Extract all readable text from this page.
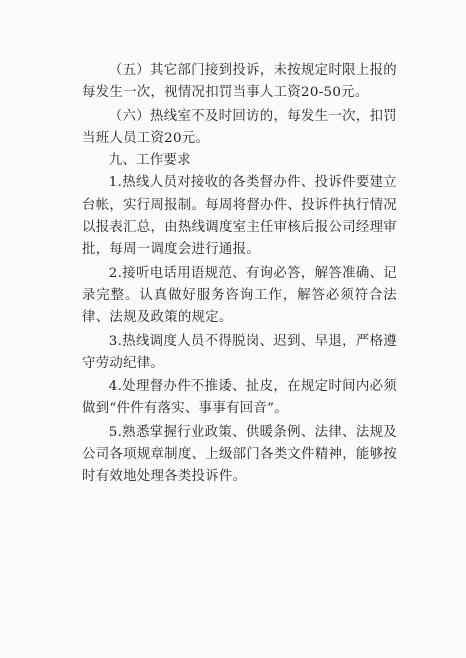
（五）其它部门接到投诉，未按规定时限上报的每发生一次，视情况扣罚当事人工资20-50元。

（六）热线室不及时回访的，每发生一次，扣罚当班人员工资20元。

九、工作要求

1.热线人员对接收的各类督办件、投诉件要建立台帐，实行周报制。每周将督办件、投诉件执行情况以报表汇总，由热线调度室主任审核后报公司经理审批，每周一调度会进行通报。

2.接听电话用语规范、有询必答，解答准确、记录完整。认真做好服务咨询工作，解答必须符合法律、法规及政策的规定。

3.热线调度人员不得脱岗、迟到、早退，严格遵守劳动纪律。

4.处理督办件不推诿、扯皮，在规定时间内必须做到“件件有落实、事事有回音”。

5.熟悉掌握行业政策、供暖条例、法律、法规及公司各项规章制度、上级部门各类文件精神，能够按时有效地处理各类投诉件。
